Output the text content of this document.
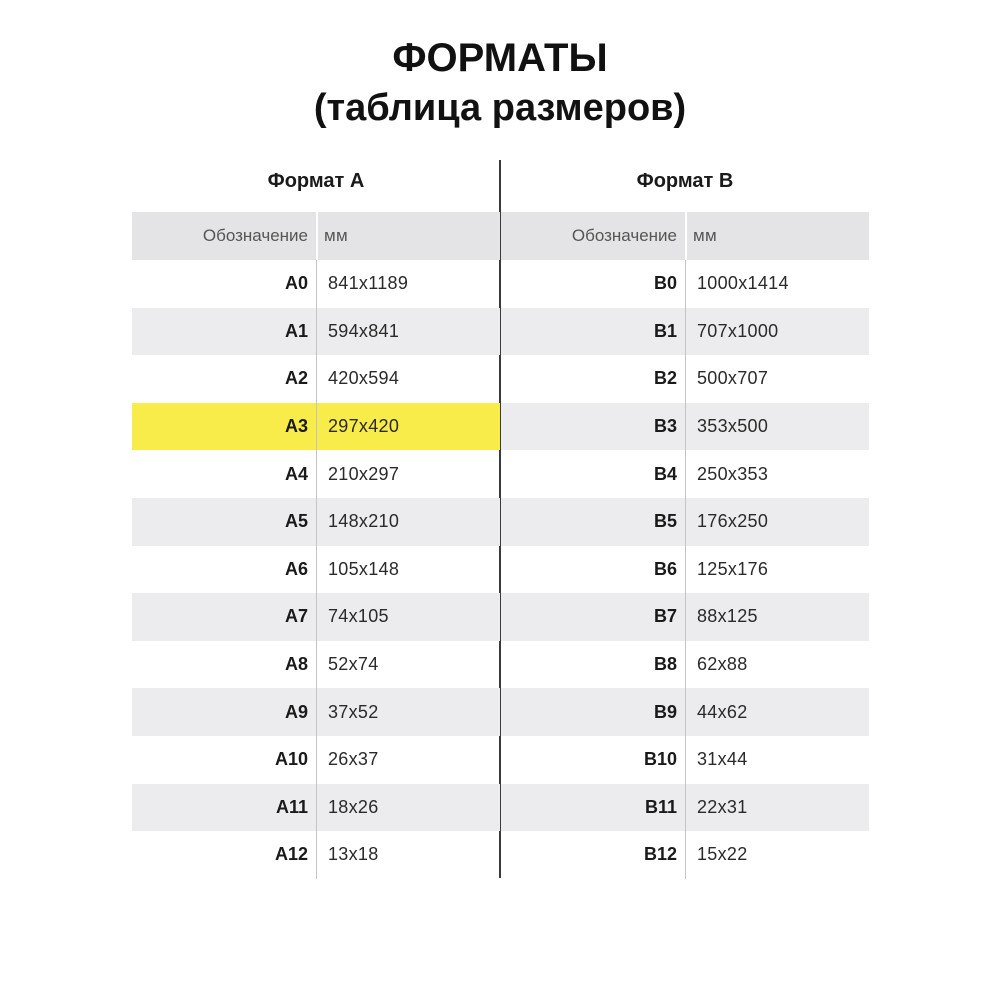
ФОРМАТЫ
(таблица размеров)
Формат А	Формат В
Обозначение мм
A0	841x1189
A1	594x841
A2	420x594
A3	297x420
A4	210x297
A5	148x210
A6	105x148
A7	74x105
A8	52x74
A9	37x52
A10	26x37
A11	18x26
A12	13x18
Обозначение мм
B0	1000x1414
B1	707x1000
B2	500x707
B3	353x500
B4	250x353
B5	176x250
B6	125x176
B7	88x125
B8	62x88
B9	44x62
B10	31x44
B11	22x31
B12	15x22
